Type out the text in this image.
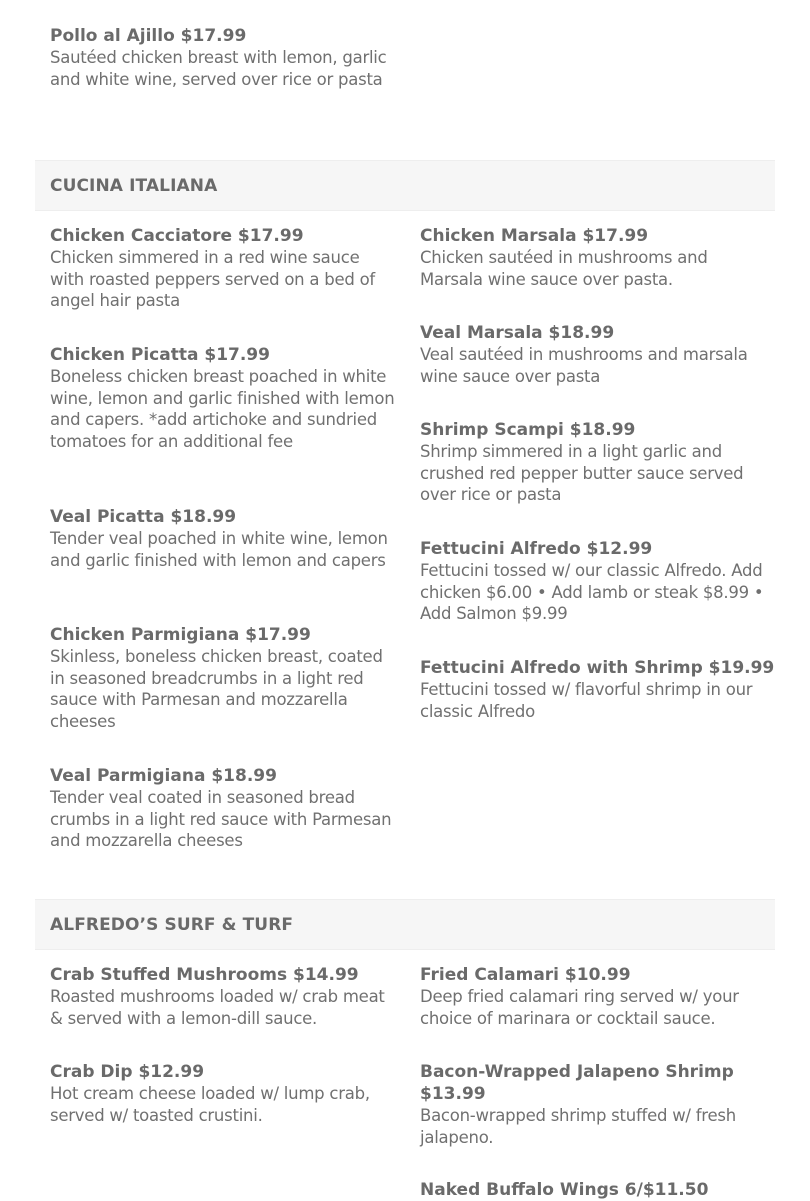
Pollo al Ajillo $17.99
Sautéed chicken breast with lemon, garlic and white wine, served over rice or pasta
CUCINA ITALIANA
Chicken Cacciatore $17.99
Chicken simmered in a red wine sauce with roasted peppers served on a bed of angel hair pasta
Chicken Picatta $17.99
Boneless chicken breast poached in white wine, lemon and garlic finished with lemon and capers. *add artichoke and sundried tomatoes for an additional fee
Veal Picatta $18.99
Tender veal poached in white wine, lemon and garlic finished with lemon and capers
Chicken Parmigiana $17.99
Skinless, boneless chicken breast, coated in seasoned breadcrumbs in a light red sauce with Parmesan and mozzarella cheeses
Veal Parmigiana $18.99
Tender veal coated in seasoned bread crumbs in a light red sauce with Parmesan and mozzarella cheeses
Chicken Marsala $17.99
Chicken sautéed in mushrooms and Marsala wine sauce over pasta.
Veal Marsala $18.99
Veal sautéed in mushrooms and marsala wine sauce over pasta
Shrimp Scampi $18.99
Shrimp simmered in a light garlic and crushed red pepper butter sauce served over rice or pasta
Fettucini Alfredo $12.99
Fettucini tossed w/ our classic Alfredo. Add chicken $6.00 • Add lamb or steak $8.99 • Add Salmon $9.99
Fettucini Alfredo with Shrimp $19.99
Fettucini tossed w/ flavorful shrimp in our classic Alfredo
ALFREDO’S SURF & TURF
Crab Stuffed Mushrooms $14.99
Roasted mushrooms loaded w/ crab meat & served with a lemon-dill sauce.
Crab Dip $12.99
Hot cream cheese loaded w/ lump crab, served w/ toasted crustini.
Fried Calamari $10.99
Deep fried calamari ring served w/ your choice of marinara or cocktail sauce.
Bacon-Wrapped Jalapeno Shrimp $13.99
Bacon-wrapped shrimp stuffed w/ fresh jalapeno.
Naked Buffalo Wings 6/$11.50
